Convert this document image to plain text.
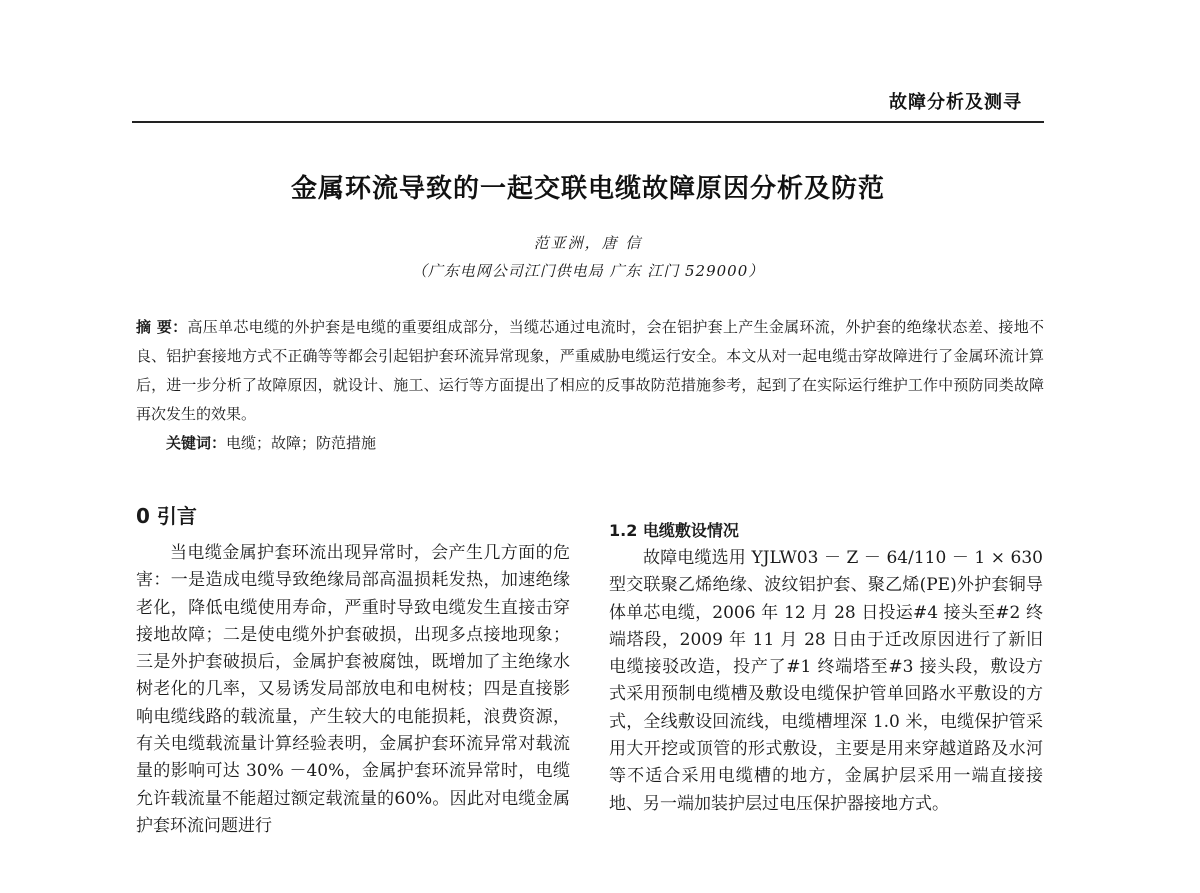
故障分析及测寻
金属环流导致的一起交联电缆故障原因分析及防范
范亚洲，唐 信
（广东电网公司江门供电局 广东 江门 529000）
摘 要：高压单芯电缆的外护套是电缆的重要组成部分，当缆芯通过电流时，会在铝护套上产生金属环流，外护套的绝缘状态差、接地不良、铝护套接地方式不正确等等都会引起铝护套环流异常现象，严重威胁电缆运行安全。本文从对一起电缆击穿故障进行了金属环流计算后，进一步分析了故障原因，就设计、施工、运行等方面提出了相应的反事故防范措施参考，起到了在实际运行维护工作中预防同类故障再次发生的效果。
关键词：电缆；故障；防范措施
0 引言

当电缆金属护套环流出现异常时，会产生几方面的危害：一是造成电缆导致绝缘局部高温损耗发热，加速绝缘老化，降低电缆使用寿命，严重时导致电缆发生直接击穿接地故障；二是使电缆外护套破损，出现多点接地现象；三是外护套破损后，金属护套被腐蚀，既增加了主绝缘水树老化的几率，又易诱发局部放电和电树枝；四是直接影响电缆线路的载流量，产生较大的电能损耗，浪费资源，有关电缆载流量计算经验表明，金属护套环流异常对载流量的影响可达 30% －40%，金属护套环流异常时，电缆允许载流量不能超过额定载流量的60%。因此对电缆金属护套环流问题进行

1.2 电缆敷设情况

故障电缆选用 YJLW03 － Z － 64/110 － 1 × 630 型交联聚乙烯绝缘、波纹铝护套、聚乙烯(PE)外护套铜导体单芯电缆，2006 年 12 月 28 日投运#4 接头至#2 终端塔段，2009 年 11 月 28 日由于迁改原因进行了新旧电缆接驳改造，投产了#1 终端塔至#3 接头段，敷设方式采用预制电缆槽及敷设电缆保护管单回路水平敷设的方式，全线敷设回流线，电缆槽埋深 1.0 米，电缆保护管采用大开挖或顶管的形式敷设，主要是用来穿越道路及水河等不适合采用电缆槽的地方，金属护层采用一端直接接地、另一端加装护层过电压保护器接地方式。
